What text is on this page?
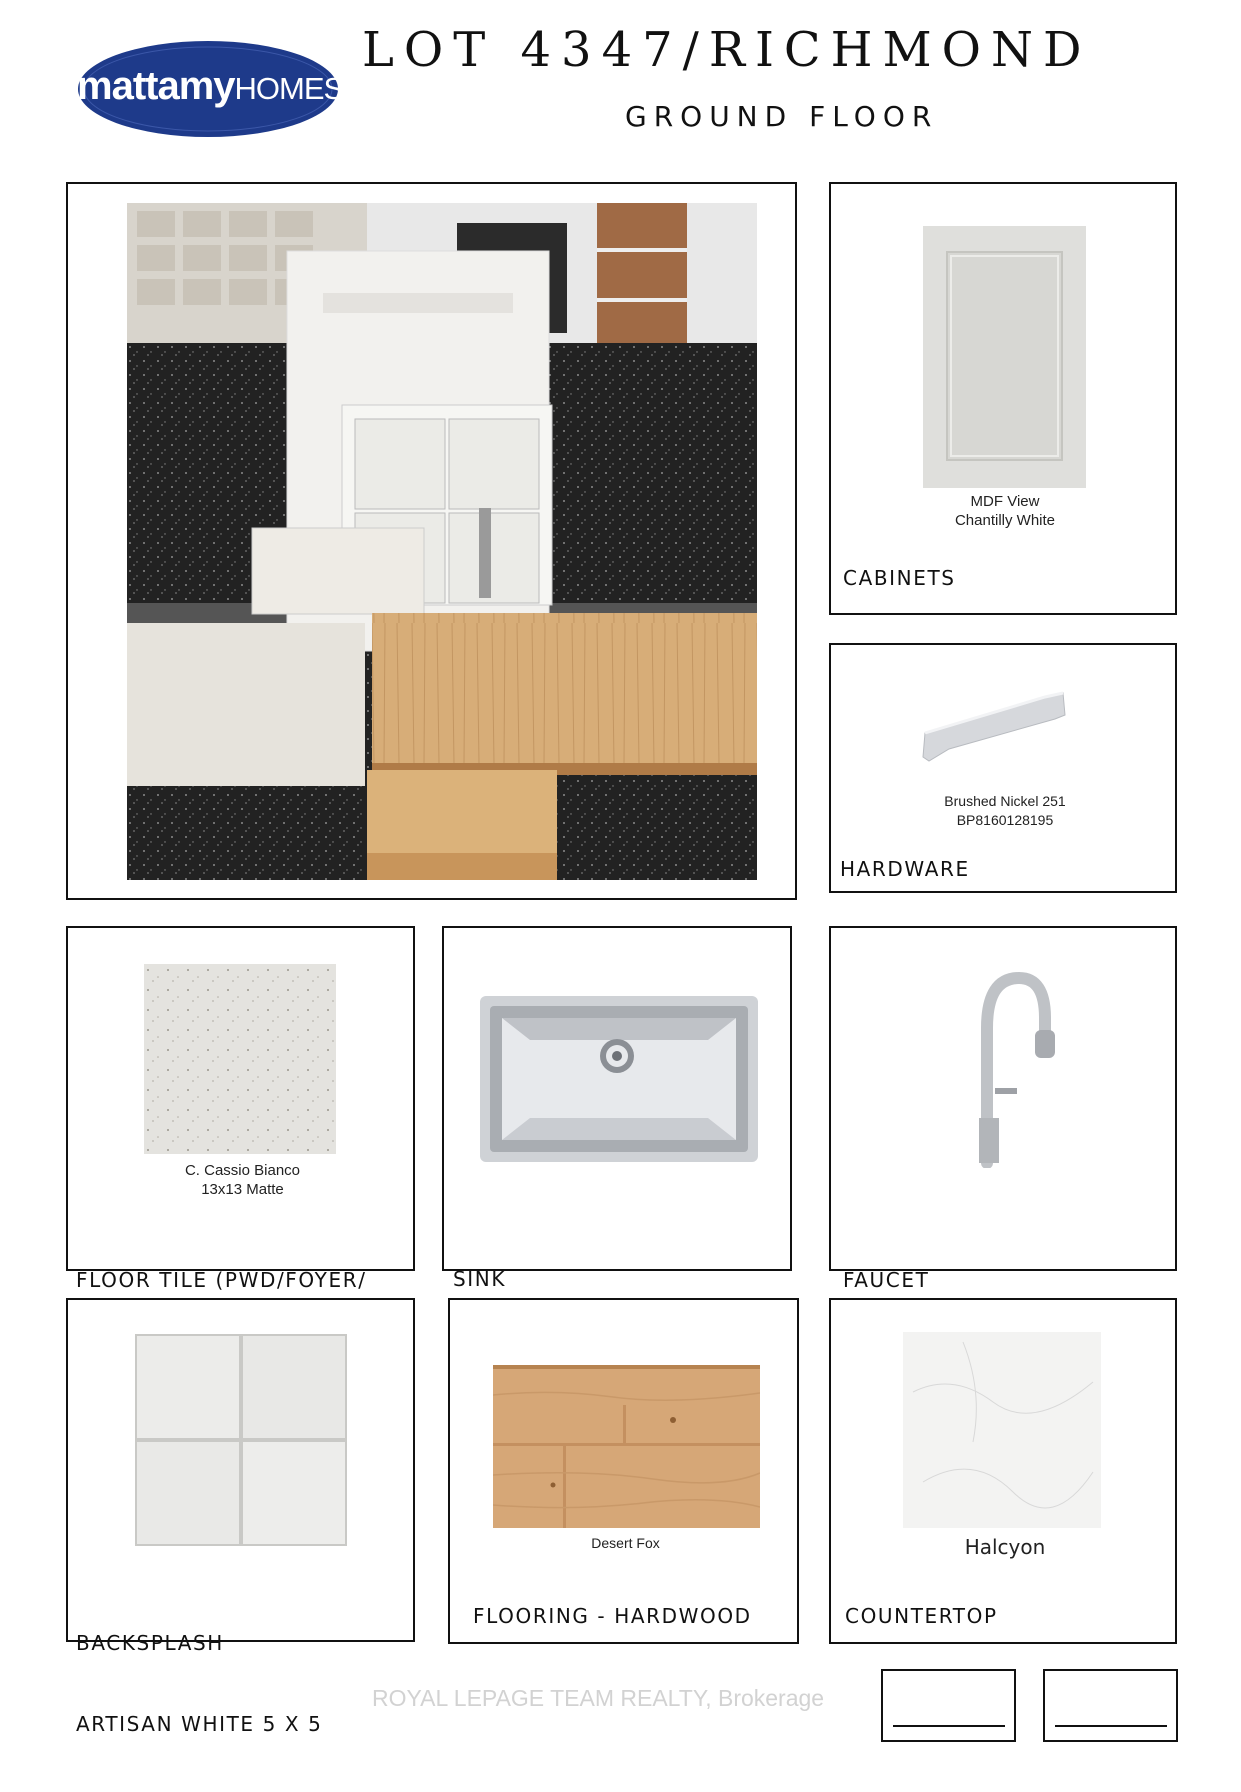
mattamyHOMES
LOT 4347/RICHMOND
GROUND FLOOR
MDF View
Chantilly White
CABINETS
Brushed Nickel 251
BP8160128195
HARDWARE
C. Cassio Bianco
13x13 Matte

FLOOR TILE (PWD/FOYER/

	SINK

	FAUCET

BACKSPLASH

ARTISAN WHITE 5 X 5

Desert Fox
FLOORING - HARDWOOD
Halcyon
COUNTERTOP
ROYAL LEPAGE TEAM REALTY, Brokerage
